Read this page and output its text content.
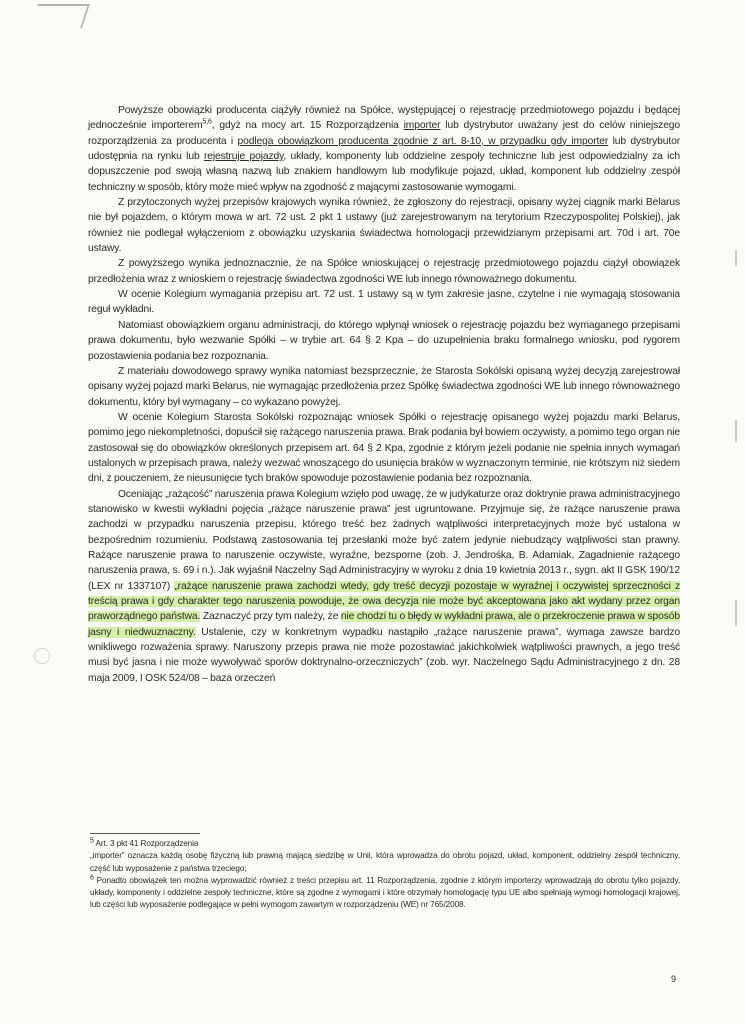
Powyższe obowiązki producenta ciążyły również na Spółce, występującej o rejestrację przedmiotowego pojazdu i będącej jednocześnie importerem$^{5,6}$, gdyż na mocy art. 15 Rozporządzenia importer lub dystrybutor uważany jest do celów niniejszego rozporządzenia za producenta i podlega obowiązkom producenta zgodnie z art. 8-10, w przypadku gdy importer lub dystrybutor udostępnia na rynku lub rejestruje pojazdy, układy, komponenty lub oddzielne zespoły techniczne lub jest odpowiedzialny za ich dopuszczenie pod swoją własną nazwą lub znakiem handlowym lub modyfikuje pojazd, układ, komponent lub oddzielny zespół techniczny w sposób, który może mieć wpływ na zgodność z mającymi zastosowanie wymogami.

Z przytoczonych wyżej przepisów krajowych wynika również, że zgłoszony do rejestracji, opisany wyżej ciągnik marki Belarus nie był pojazdem, o którym mowa w art. 72 ust. 2 pkt 1 ustawy (już zarejestrowanym na terytorium Rzeczypospolitej Polskiej), jak również nie podlegał wyłączeniom z obowiązku uzyskania świadectwa homologacji przewidzianym przepisami art. 70d i art. 70e ustawy.

Z powyższego wynika jednoznacznie, że na Spółce wnioskującej o rejestrację przedmiotowego pojazdu ciążył obowiązek przedłożenia wraz z wnioskiem o rejestrację świadectwa zgodności WE lub innego równoważnego dokumentu.

W ocenie Kolegium wymagania przepisu art. 72 ust. 1 ustawy są w tym zakresie jasne, czytelne i nie wymagają stosowania reguł wykładni.

Natomiast obowiązkiem organu administracji, do którego wpłynął wniosek o rejestrację pojazdu bez wymaganego przepisami prawa dokumentu, było wezwanie Spółki – w trybie art. 64 § 2 Kpa – do uzupełnienia braku formalnego wniosku, pod rygorem pozostawienia podania bez rozpoznania.

Z materiału dowodowego sprawy wynika natomiast bezsprzecznie, że Starosta Sokólski opisaną wyżej decyzją zarejestrował opisany wyżej pojazd marki Belarus, nie wymagając przedłożenia przez Spółkę świadectwa zgodności WE lub innego równoważnego dokumentu, który był wymagany – co wykazano powyżej.

W ocenie Kolegium Starosta Sokólski rozpoznając wniosek Spółki o rejestrację opisanego wyżej pojazdu marki Belarus, pomimo jego niekompletności, dopuścił się rażącego naruszenia prawa. Brak podania był bowiem oczywisty, a pomimo tego organ nie zastosował się do obowiązków określonych przepisem art. 64 § 2 Kpa, zgodnie z którym jeżeli podanie nie spełnia innych wymagań ustalonych w przepisach prawa, należy wezwać wnoszącego do usunięcia braków w wyznaczonym terminie, nie krótszym niż siedem dni, z pouczeniem, że nieusunięcie tych braków spowoduje pozostawienie podania bez rozpoznania.

Oceniając „rażącość” naruszenia prawa Kolegium wzięło pod uwagę, że w judykaturze oraz doktrynie prawa administracyjnego stanowisko w kwestii wykładni pojęcia „rażące naruszenie prawa” jest ugruntowane. Przyjmuje się, że rażące naruszenie prawa zachodzi w przypadku naruszenia przepisu, którego treść bez żadnych wątpliwości interpretacyjnych może być ustalona w bezpośrednim rozumieniu. Podstawą zastosowania tej przesłanki może być zatem jedynie niebudzący wątpliwości stan prawny. Rażące naruszenie prawa to naruszenie oczywiste, wyraźne, bezsporne (zob. J. Jendrośka, B. Adamiak, Zagadnienie rażącego naruszenia prawa, s. 69 i n.). Jak wyjaśnił Naczelny Sąd Administracyjny w wyroku z dnia 19 kwietnia 2013 r., sygn. akt II GSK 190/12 (LEX nr 1337107) „rażące naruszenie prawa zachodzi wtedy, gdy treść decyzji pozostaje w wyraźnej i oczywistej sprzeczności z treścią prawa i gdy charakter tego naruszenia powoduje, że owa decyzja nie może być akceptowana jako akt wydany przez organ praworządnego państwa. Zaznaczyć przy tym należy, że nie chodzi tu o błędy w wykładni prawa, ale o przekroczenie prawa w sposób jasny i niedwuznaczny. Ustalenie, czy w konkretnym wypadku nastąpiło „rażące naruszenie prawa”, wymaga zawsze bardzo wnikliwego rozważenia sprawy. Naruszony przepis prawa nie może pozostawiać jakichkolwiek wątpliwości prawnych, a jego treść musi być jasna i nie może wywoływać sporów doktrynalno-orzeczniczych” (zob. wyr. Naczelnego Sądu Administracyjnego z dn. 28 maja 2009, I OSK 524/08 – baza orzeczeń

$^5$ Art. 3 pkt 41 Rozporządzenia

„importer” oznacza każdą osobę fizyczną lub prawną mającą siedzibę w Unii, która wprowadza do obrotu pojazd, układ, komponent, oddzielny zespół techniczny, część lub wyposażenie z państwa trzeciego;

$^6$ Ponadto obowiązek ten można wyprowadzić również z treści przepisu art. 11 Rozporządzenia, zgodnie z którym importerzy wprowadzają do obrotu tylko pojazdy, układy, komponenty i oddzielne zespoły techniczne, które są zgodne z wymogami i które otrzymały homologację typu UE albo spełniają wymogi homologacji krajowej, lub części lub wyposażenie podlegające w pełni wymogom zawartym w rozporządzeniu (WE) nr 765/2008.

9
